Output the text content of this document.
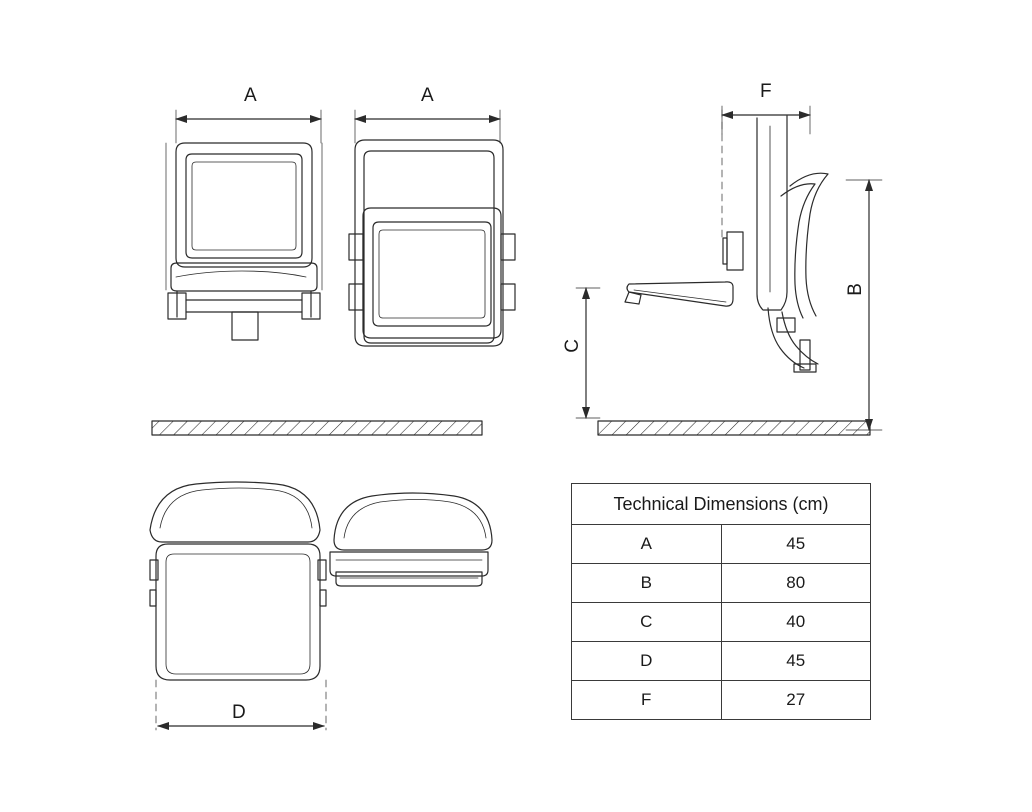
A	A	F
B
C
D
Technical Dimensions (cm)	
A	45
B	80
C	40
D	45
F	27
